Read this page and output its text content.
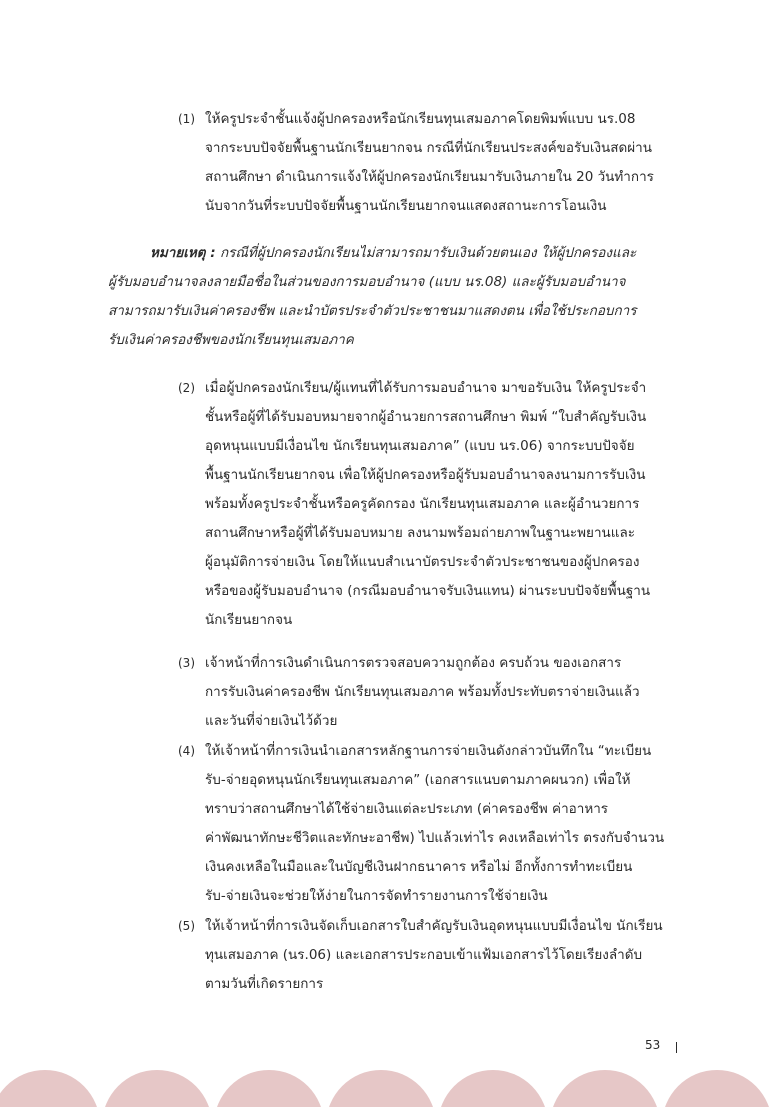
(1) ให้ครูประจำชั้นแจ้งผู้ปกครองหรือนักเรียนทุนเสมอภาคโดยพิมพ์แบบ นร.08
จากระบบปัจจัยพื้นฐานนักเรียนยากจน กรณีที่นักเรียนประสงค์ขอรับเงินสดผ่าน
สถานศึกษา ดำเนินการแจ้งให้ผู้ปกครองนักเรียนมารับเงินภายใน 20 วันทำการ
นับจากวันที่ระบบปัจจัยพื้นฐานนักเรียนยากจนแสดงสถานะการโอนเงิน
หมายเหตุ : กรณีที่ผู้ปกครองนักเรียนไม่สามารถมารับเงินด้วยตนเอง ให้ผู้ปกครองและ
ผู้รับมอบอำนาจลงลายมือชื่อในส่วนของการมอบอำนาจ (แบบ นร.08) และผู้รับมอบอำนาจ
สามารถมารับเงินค่าครองชีพ และนำบัตรประจำตัวประชาชนมาแสดงตน เพื่อใช้ประกอบการ
รับเงินค่าครองชีพของนักเรียนทุนเสมอภาค
(2) เมื่อผู้ปกครองนักเรียน/ผู้แทนที่ได้รับการมอบอำนาจ มาขอรับเงิน ให้ครูประจำ
ชั้นหรือผู้ที่ได้รับมอบหมายจากผู้อำนวยการสถานศึกษา พิมพ์ “ใบสำคัญรับเงิน
อุดหนุนแบบมีเงื่อนไข นักเรียนทุนเสมอภาค” (แบบ นร.06) จากระบบปัจจัย
พื้นฐานนักเรียนยากจน เพื่อให้ผู้ปกครองหรือผู้รับมอบอำนาจลงนามการรับเงิน
พร้อมทั้งครูประจำชั้นหรือครูคัดกรอง นักเรียนทุนเสมอภาค และผู้อำนวยการ
สถานศึกษาหรือผู้ที่ได้รับมอบหมาย ลงนามพร้อมถ่ายภาพในฐานะพยานและ
ผู้อนุมัติการจ่ายเงิน โดยให้แนบสำเนาบัตรประจำตัวประชาชนของผู้ปกครอง
หรือของผู้รับมอบอำนาจ (กรณีมอบอำนาจรับเงินแทน) ผ่านระบบปัจจัยพื้นฐาน
นักเรียนยากจน
(3) เจ้าหน้าที่การเงินดำเนินการตรวจสอบความถูกต้อง ครบถ้วน ของเอกสาร
การรับเงินค่าครองชีพ นักเรียนทุนเสมอภาค พร้อมทั้งประทับตราจ่ายเงินแล้ว
และวันที่จ่ายเงินไว้ด้วย
(4) ให้เจ้าหน้าที่การเงินนำเอกสารหลักฐานการจ่ายเงินดังกล่าวบันทึกใน “ทะเบียน
รับ-จ่ายอุดหนุนนักเรียนทุนเสมอภาค” (เอกสารแนบตามภาคผนวก) เพื่อให้
ทราบว่าสถานศึกษาได้ใช้จ่ายเงินแต่ละประเภท (ค่าครองชีพ ค่าอาหาร
ค่าพัฒนาทักษะชีวิตและทักษะอาชีพ) ไปแล้วเท่าไร คงเหลือเท่าไร ตรงกับจำนวน
เงินคงเหลือในมือและในบัญชีเงินฝากธนาคาร หรือไม่ อีกทั้งการทำทะเบียน
รับ-จ่ายเงินจะช่วยให้ง่ายในการจัดทำรายงานการใช้จ่ายเงิน
(5) ให้เจ้าหน้าที่การเงินจัดเก็บเอกสารใบสำคัญรับเงินอุดหนุนแบบมีเงื่อนไข นักเรียน
ทุนเสมอภาค (นร.06) และเอกสารประกอบเข้าแฟ้มเอกสารไว้โดยเรียงลำดับ
ตามวันที่เกิดรายการ
53
